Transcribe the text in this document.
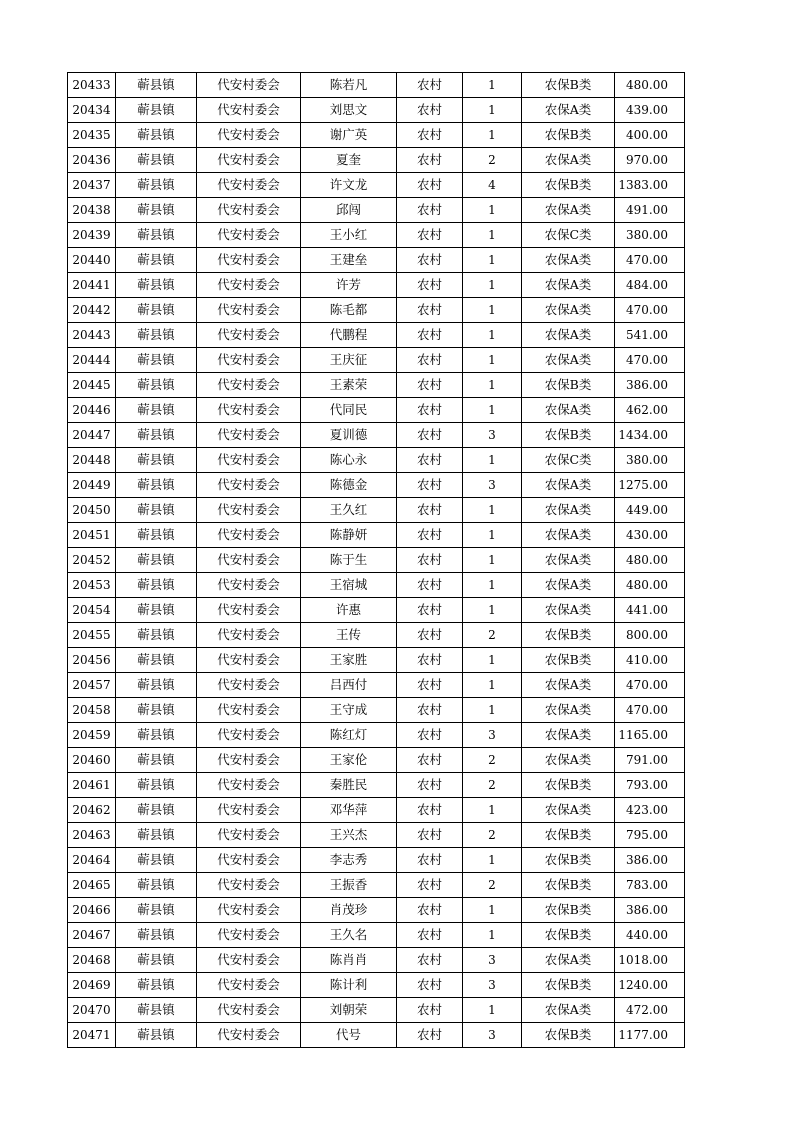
20433	蕲县镇	代安村委会	陈若凡	农村	1	农保B类	480.00
20434	蕲县镇	代安村委会	刘思文	农村	1	农保A类	439.00
20435	蕲县镇	代安村委会	谢广英	农村	1	农保B类	400.00
20436	蕲县镇	代安村委会	夏奎	农村	2	农保A类	970.00
20437	蕲县镇	代安村委会	许文龙	农村	4	农保B类	1383.00
20438	蕲县镇	代安村委会	邱闯	农村	1	农保A类	491.00
20439	蕲县镇	代安村委会	王小红	农村	1	农保C类	380.00
20440	蕲县镇	代安村委会	王建垒	农村	1	农保A类	470.00
20441	蕲县镇	代安村委会	许芳	农村	1	农保A类	484.00
20442	蕲县镇	代安村委会	陈毛都	农村	1	农保A类	470.00
20443	蕲县镇	代安村委会	代鹏程	农村	1	农保A类	541.00
20444	蕲县镇	代安村委会	王庆征	农村	1	农保A类	470.00
20445	蕲县镇	代安村委会	王素荣	农村	1	农保B类	386.00
20446	蕲县镇	代安村委会	代同民	农村	1	农保A类	462.00
20447	蕲县镇	代安村委会	夏训德	农村	3	农保B类	1434.00
20448	蕲县镇	代安村委会	陈心永	农村	1	农保C类	380.00
20449	蕲县镇	代安村委会	陈德金	农村	3	农保A类	1275.00
20450	蕲县镇	代安村委会	王久红	农村	1	农保A类	449.00
20451	蕲县镇	代安村委会	陈静妍	农村	1	农保A类	430.00
20452	蕲县镇	代安村委会	陈于生	农村	1	农保A类	480.00
20453	蕲县镇	代安村委会	王宿城	农村	1	农保A类	480.00
20454	蕲县镇	代安村委会	许惠	农村	1	农保A类	441.00
20455	蕲县镇	代安村委会	王传	农村	2	农保B类	800.00
20456	蕲县镇	代安村委会	王家胜	农村	1	农保B类	410.00
20457	蕲县镇	代安村委会	吕西付	农村	1	农保A类	470.00
20458	蕲县镇	代安村委会	王守成	农村	1	农保A类	470.00
20459	蕲县镇	代安村委会	陈红灯	农村	3	农保A类	1165.00
20460	蕲县镇	代安村委会	王家伦	农村	2	农保A类	791.00
20461	蕲县镇	代安村委会	秦胜民	农村	2	农保B类	793.00
20462	蕲县镇	代安村委会	邓华萍	农村	1	农保A类	423.00
20463	蕲县镇	代安村委会	王兴杰	农村	2	农保B类	795.00
20464	蕲县镇	代安村委会	李志秀	农村	1	农保B类	386.00
20465	蕲县镇	代安村委会	王振香	农村	2	农保B类	783.00
20466	蕲县镇	代安村委会	肖茂珍	农村	1	农保B类	386.00
20467	蕲县镇	代安村委会	王久名	农村	1	农保B类	440.00
20468	蕲县镇	代安村委会	陈肖肖	农村	3	农保A类	1018.00
20469	蕲县镇	代安村委会	陈计利	农村	3	农保B类	1240.00
20470	蕲县镇	代安村委会	刘朝荣	农村	1	农保A类	472.00
20471	蕲县镇	代安村委会	代号	农村	3	农保B类	1177.00
